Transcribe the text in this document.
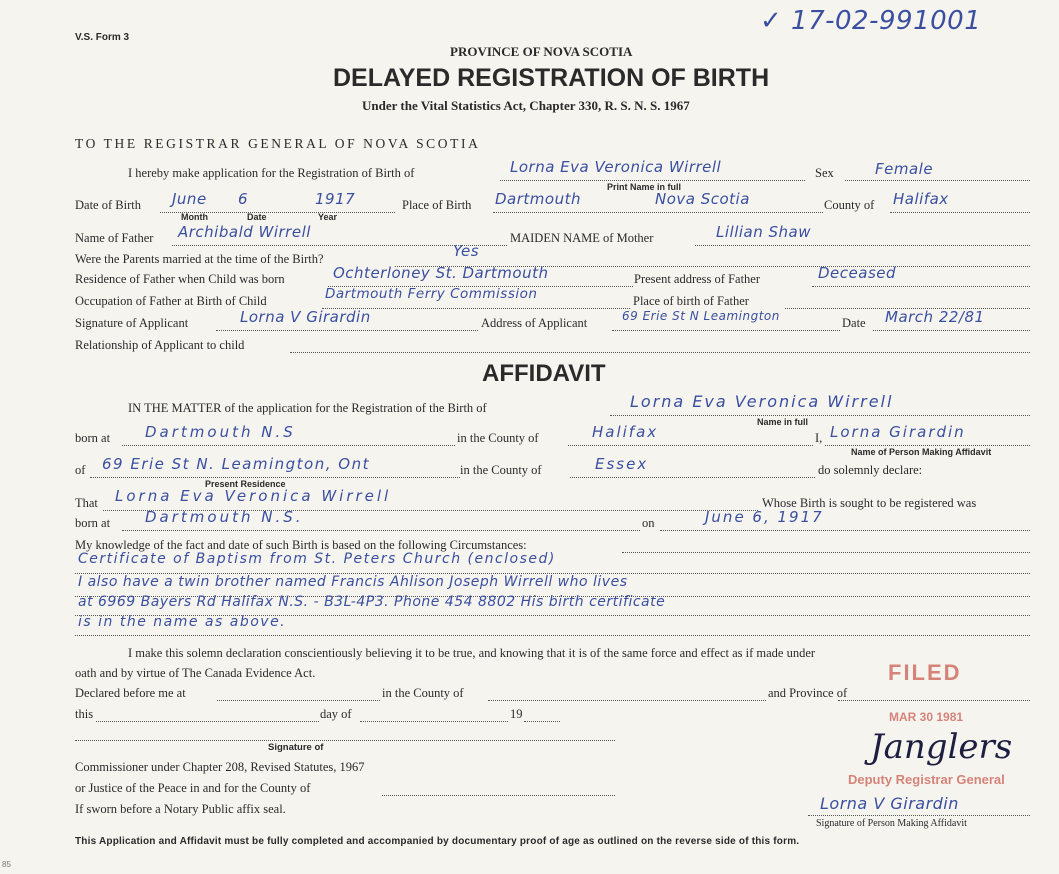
V.S. Form 3
✓ 17-02-991001
PROVINCE OF NOVA SCOTIA
DELAYED REGISTRATION OF BIRTH
Under the Vital Statistics Act, Chapter 330, R. S. N. S. 1967
TO THE REGISTRAR GENERAL OF NOVA SCOTIA
I hereby make application for the Registration of Birth of	Lorna Eva Veronica Wirrell
Print Name in full
Sex	Female
Date of Birth June 6	1917
Month	Date	Year
Place of Birth Dartmouth	Nova Scotia	County of Halifax
Name of Father Archibald Wirrell	MAIDEN NAME of Mother	Lillian Shaw
Were the Parents married at the time of the Birth?	Yes
Residence of Father when Child was born	Ochterloney St. Dartmouth	Present address of Father	Deceased
Occupation of Father at Birth of Child	Dartmouth Ferry Commission	Place of birth of Father
Signature of Applicant	Lorna V Girardin	Address of Applicant	69 Erie St N Leamington	Date March 22/81
Relationship of Applicant to child
AFFIDAVIT
IN THE MATTER of the application for the Registration of the Birth of	Lorna Eva Veronica Wirrell
Name in full
born at Dartmouth N.S	in the County of	Halifax	I, Lorna Girardin
Name of Person Making Affidavit
of 69 Erie St N. Leamington, Ont
Present Residence
in the County of	Essex	do solemnly declare:
That Lorna Eva Veronica Wirrell	Whose Birth is sought to be registered was
born at Dartmouth N.S.	on	June 6, 1917
My knowledge of the fact and date of such Birth is based on the following Circumstances:
Certificate of Baptism from St. Peters Church (enclosed)
I also have a twin brother named Francis Ahlison Joseph Wirrell who lives
at 6969 Bayers Rd Halifax N.S. - B3L-4P3. Phone 454 8802 His birth certificate
is in the name as above.
I make this solemn declaration conscientiously believing it to be true, and knowing that it is of the same force and effect as if made under
oath and by virtue of The Canada Evidence Act.
Declared before me at	in the County of	and Province of
this	day of	19
Signature of
Commissioner under Chapter 208, Revised Statutes, 1967
or Justice of the Peace in and for the County of
If sworn before a Notary Public affix seal.	Lorna V Girardin
Signature of Person Making Affidavit
FILED
MAR 30 1981
Janglers
Deputy Registrar General
This Application and Affidavit must be fully completed and accompanied by documentary proof of age as outlined on the reverse side of this form.
85
